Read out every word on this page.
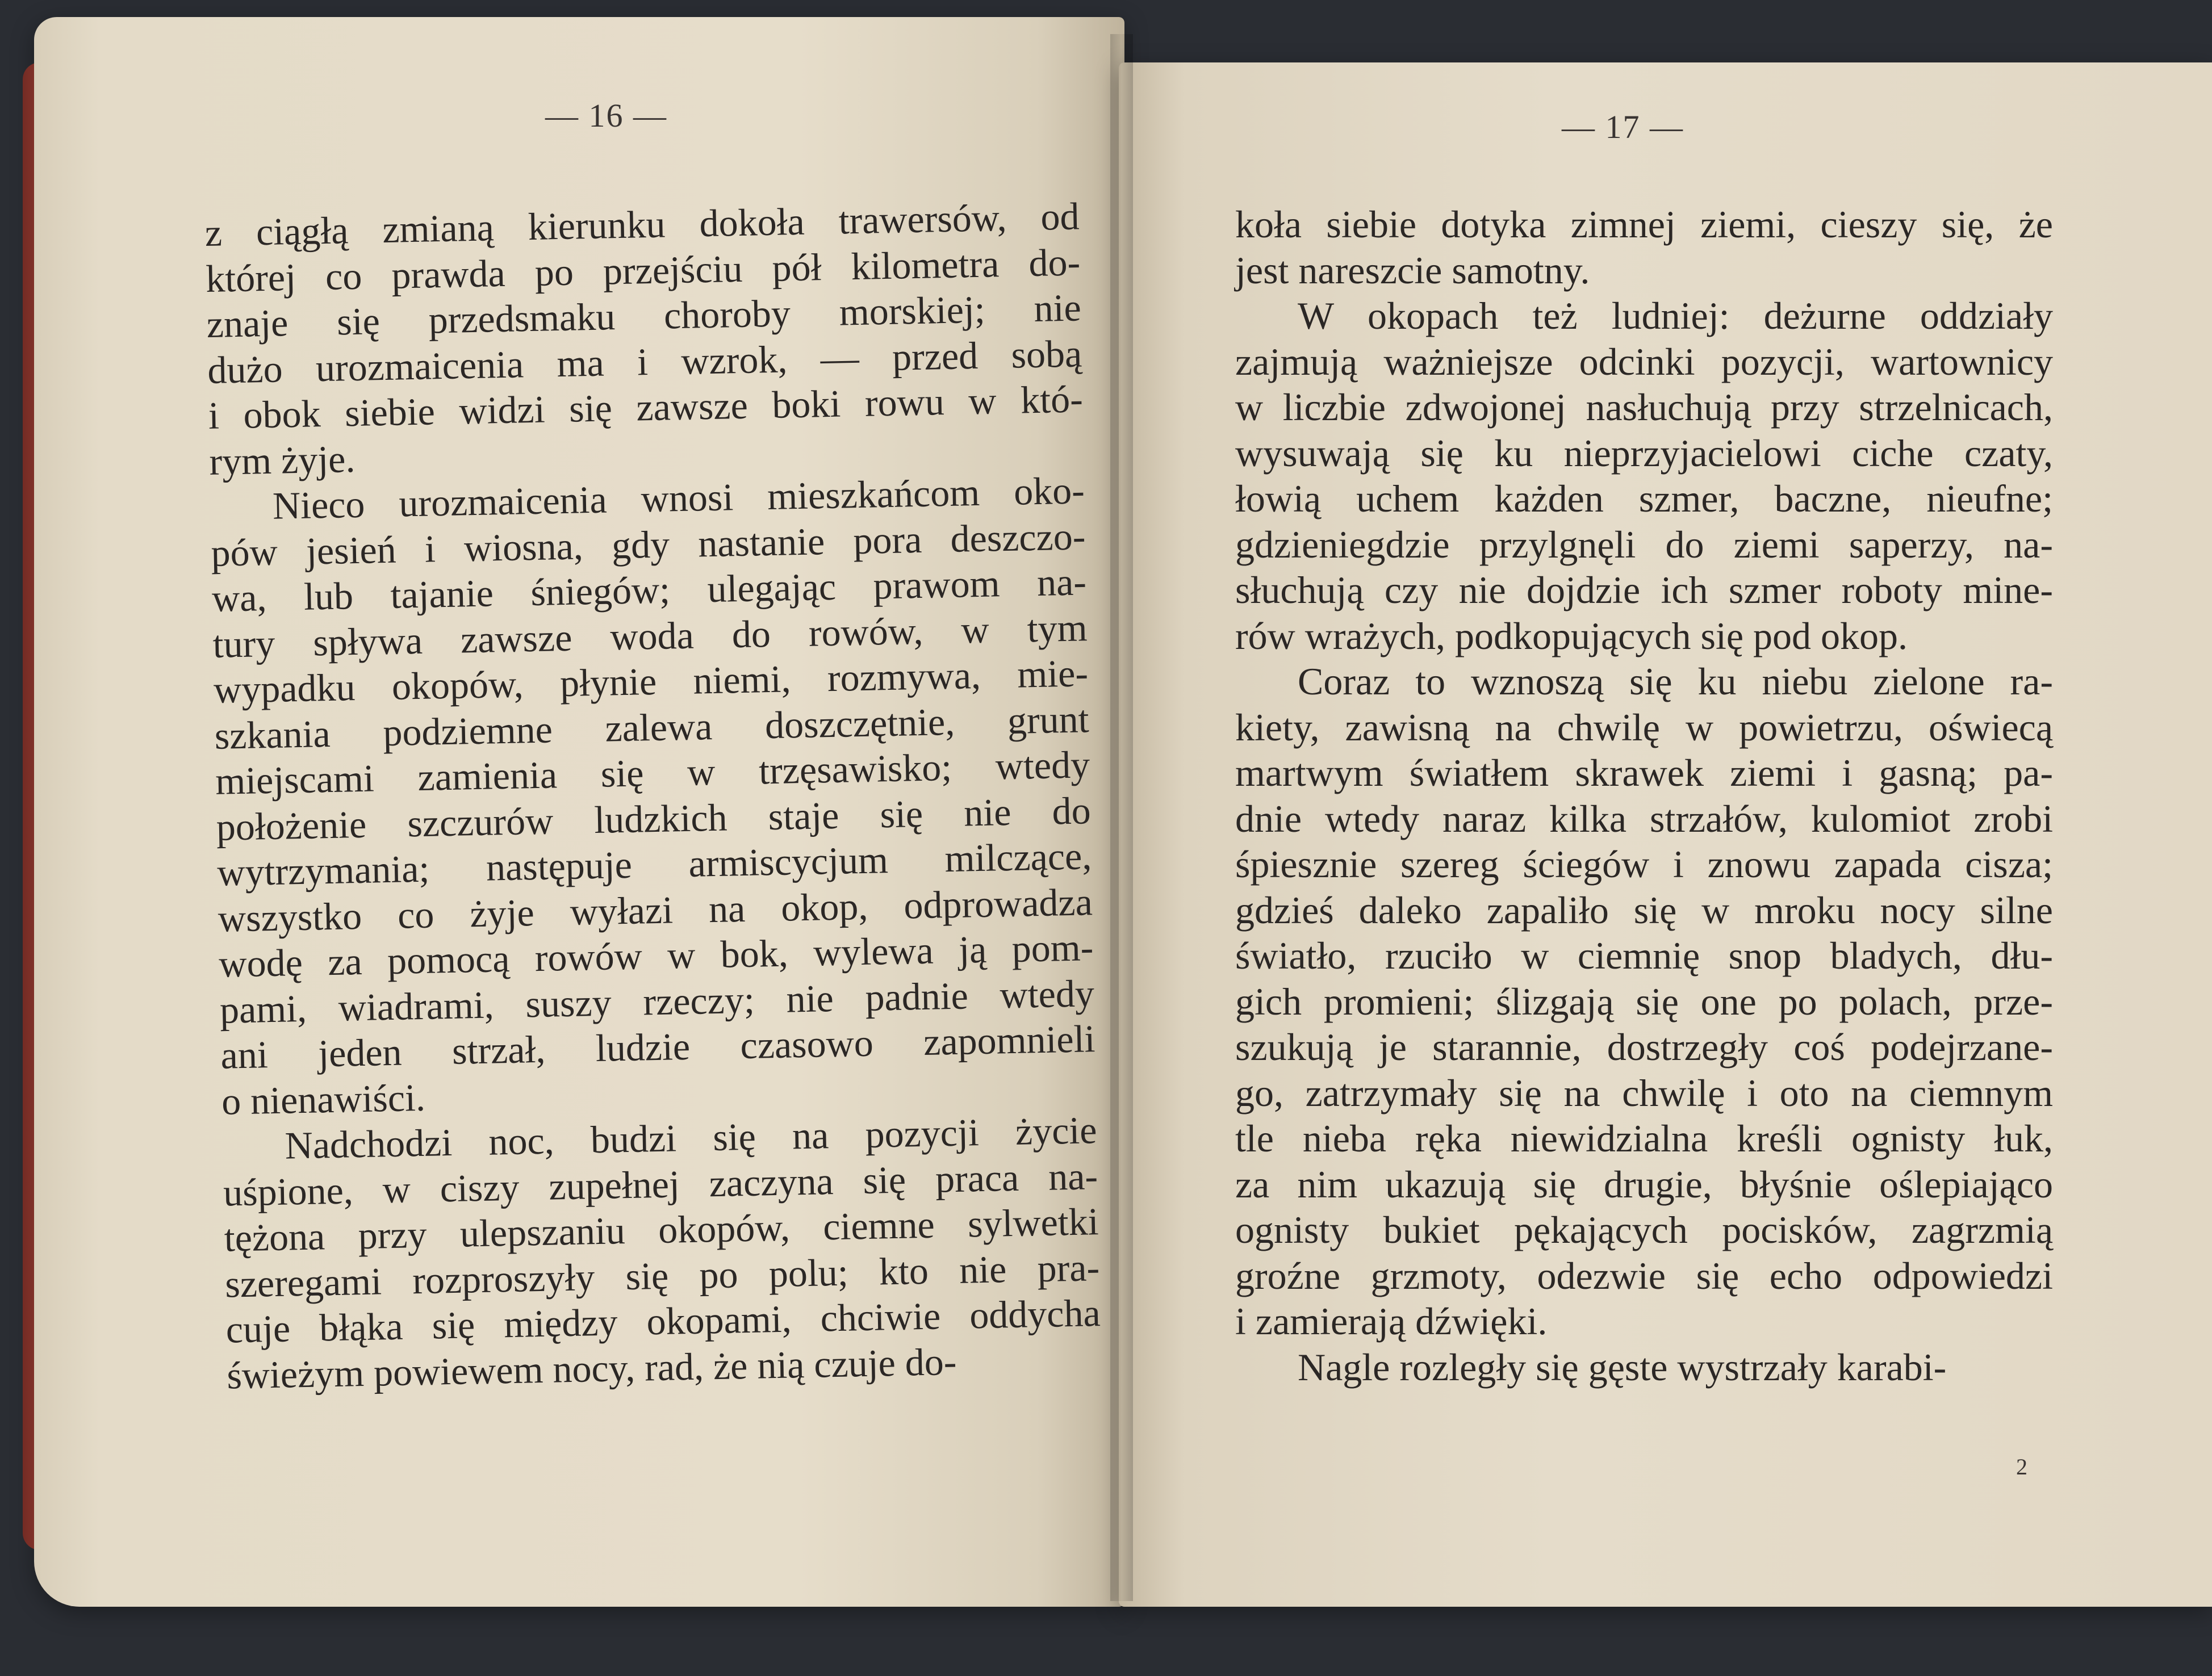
— 16 —
z ciągłą zmianą kierunku dokoła trawersów, od
której co prawda po przejściu pół kilometra do-
znaje się przedsmaku choroby morskiej; nie
dużo urozmaicenia ma i wzrok, — przed sobą
i obok siebie widzi się zawsze boki rowu w któ-
rym żyje.
Nieco urozmaicenia wnosi mieszkańcom oko-
pów jesień i wiosna, gdy nastanie pora deszczo-
wa, lub tajanie śniegów; ulegając prawom na-
tury spływa zawsze woda do rowów, w tym
wypadku okopów, płynie niemi, rozmywa, mie-
szkania podziemne zalewa doszczętnie, grunt
miejscami zamienia się w trzęsawisko; wtedy
położenie szczurów ludzkich staje się nie do
wytrzymania; następuje armiscycjum milczące,
wszystko co żyje wyłazi na okop, odprowadza
wodę za pomocą rowów w bok, wylewa ją pom-
pami, wiadrami, suszy rzeczy; nie padnie wtedy
ani jeden strzał, ludzie czasowo zapomnieli
o nienawiści.
Nadchodzi noc, budzi się na pozycji życie
uśpione, w ciszy zupełnej zaczyna się praca na-
tężona przy ulepszaniu okopów, ciemne sylwetki
szeregami rozproszyły się po polu; kto nie pra-
cuje błąka się między okopami, chciwie oddycha
świeżym powiewem nocy, rad, że nią czuje do-
— 17 —
koła siebie dotyka zimnej ziemi, cieszy się, że
jest nareszcie samotny.
W okopach też ludniej: deżurne oddziały
zajmują ważniejsze odcinki pozycji, wartownicy
w liczbie zdwojonej nasłuchują przy strzelnicach,
wysuwają się ku nieprzyjacielowi ciche czaty,
łowią uchem każden szmer, baczne, nieufne;
gdzieniegdzie przylgnęli do ziemi saperzy, na-
słuchują czy nie dojdzie ich szmer roboty mine-
rów wrażych, podkopujących się pod okop.
Coraz to wznoszą się ku niebu zielone ra-
kiety, zawisną na chwilę w powietrzu, oświecą
martwym światłem skrawek ziemi i gasną; pa-
dnie wtedy naraz kilka strzałów, kulomiot zrobi
śpiesznie szereg ściegów i znowu zapada cisza;
gdzieś daleko zapaliło się w mroku nocy silne
światło, rzuciło w ciemnię snop bladych, dłu-
gich promieni; ślizgają się one po polach, prze-
szukują je starannie, dostrzegły coś podejrzane-
go, zatrzymały się na chwilę i oto na ciemnym
tle nieba ręka niewidzialna kreśli ognisty łuk,
za nim ukazują się drugie, błyśnie oślepiająco
ognisty bukiet pękających pocisków, zagrzmią
groźne grzmoty, odezwie się echo odpowiedzi
i zamierają dźwięki.
Nagle rozległy się gęste wystrzały karabi-
2
